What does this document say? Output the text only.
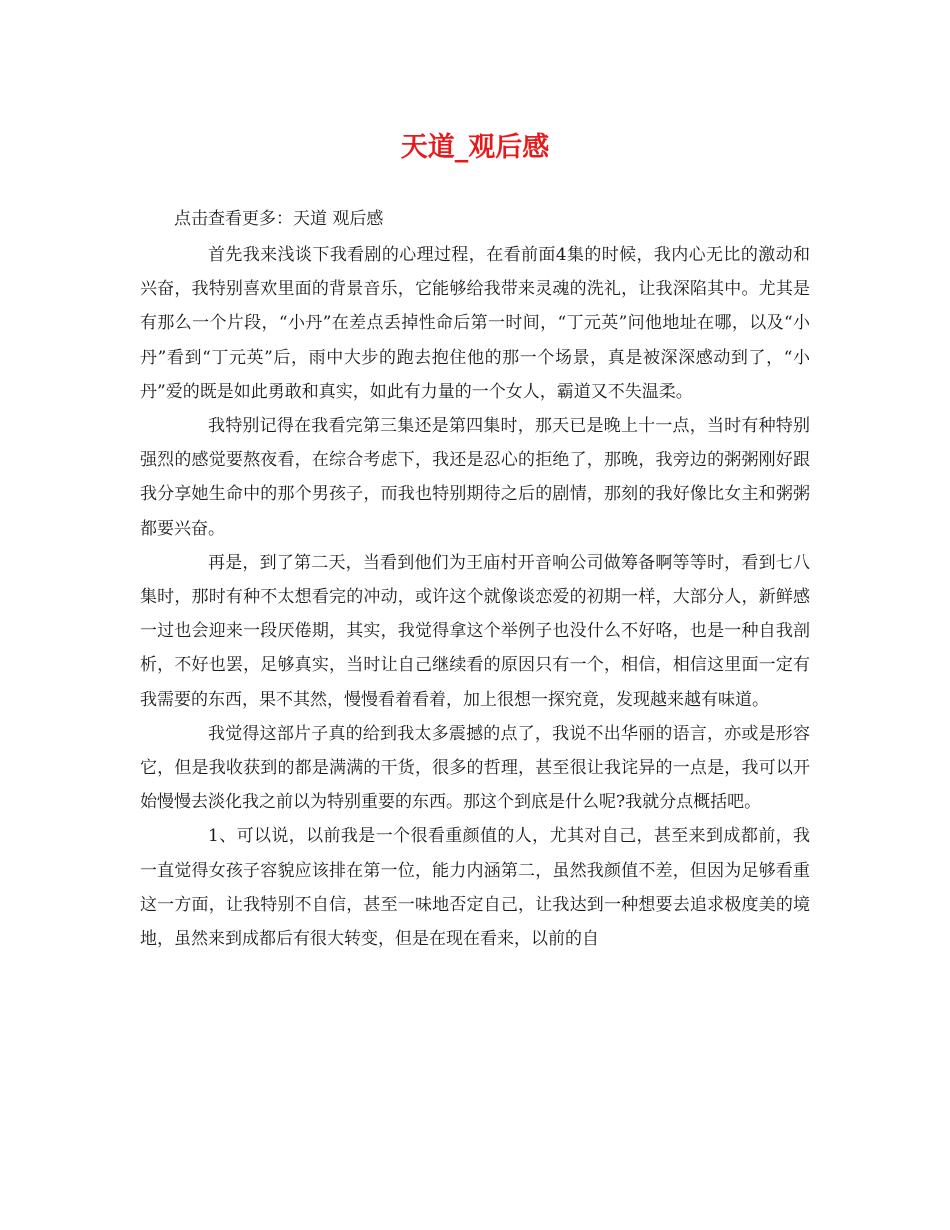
天道_观后感

点击查看更多：天道 观后感

首先我来浅谈下我看剧的心理过程，在看前面4集的时候，我内心无比的激动和兴奋，我特别喜欢里面的背景音乐，它能够给我带来灵魂的洗礼，让我深陷其中。尤其是有那么一个片段，“小丹”在差点丢掉性命后第一时间，“丁元英”问他地址在哪，以及“小丹”看到“丁元英”后，雨中大步的跑去抱住他的那一个场景，真是被深深感动到了，“小丹”爱的既是如此勇敢和真实，如此有力量的一个女人，霸道又不失温柔。

我特别记得在我看完第三集还是第四集时，那天已是晚上十一点，当时有种特别强烈的感觉要熬夜看，在综合考虑下，我还是忍心的拒绝了，那晚，我旁边的粥粥刚好跟我分享她生命中的那个男孩子，而我也特别期待之后的剧情，那刻的我好像比女主和粥粥都要兴奋。

再是，到了第二天，当看到他们为王庙村开音响公司做筹备啊等等时，看到七八集时，那时有种不太想看完的冲动，或许这个就像谈恋爱的初期一样，大部分人，新鲜感一过也会迎来一段厌倦期，其实，我觉得拿这个举例子也没什么不好咯，也是一种自我剖析，不好也罢，足够真实，当时让自己继续看的原因只有一个，相信，相信这里面一定有我需要的东西，果不其然，慢慢看着看着，加上很想一探究竟，发现越来越有味道。

我觉得这部片子真的给到我太多震撼的点了，我说不出华丽的语言，亦或是形容它，但是我收获到的都是满满的干货，很多的哲理，甚至很让我诧异的一点是，我可以开始慢慢去淡化我之前以为特别重要的东西。那这个到底是什么呢?我就分点概括吧。

1、可以说，以前我是一个很看重颜值的人，尤其对自己，甚至来到成都前，我一直觉得女孩子容貌应该排在第一位，能力内涵第二，虽然我颜值不差，但因为足够看重这一方面，让我特别不自信，甚至一味地否定自己，让我达到一种想要去追求极度美的境地，虽然来到成都后有很大转变，但是在现在看来，以前的自
